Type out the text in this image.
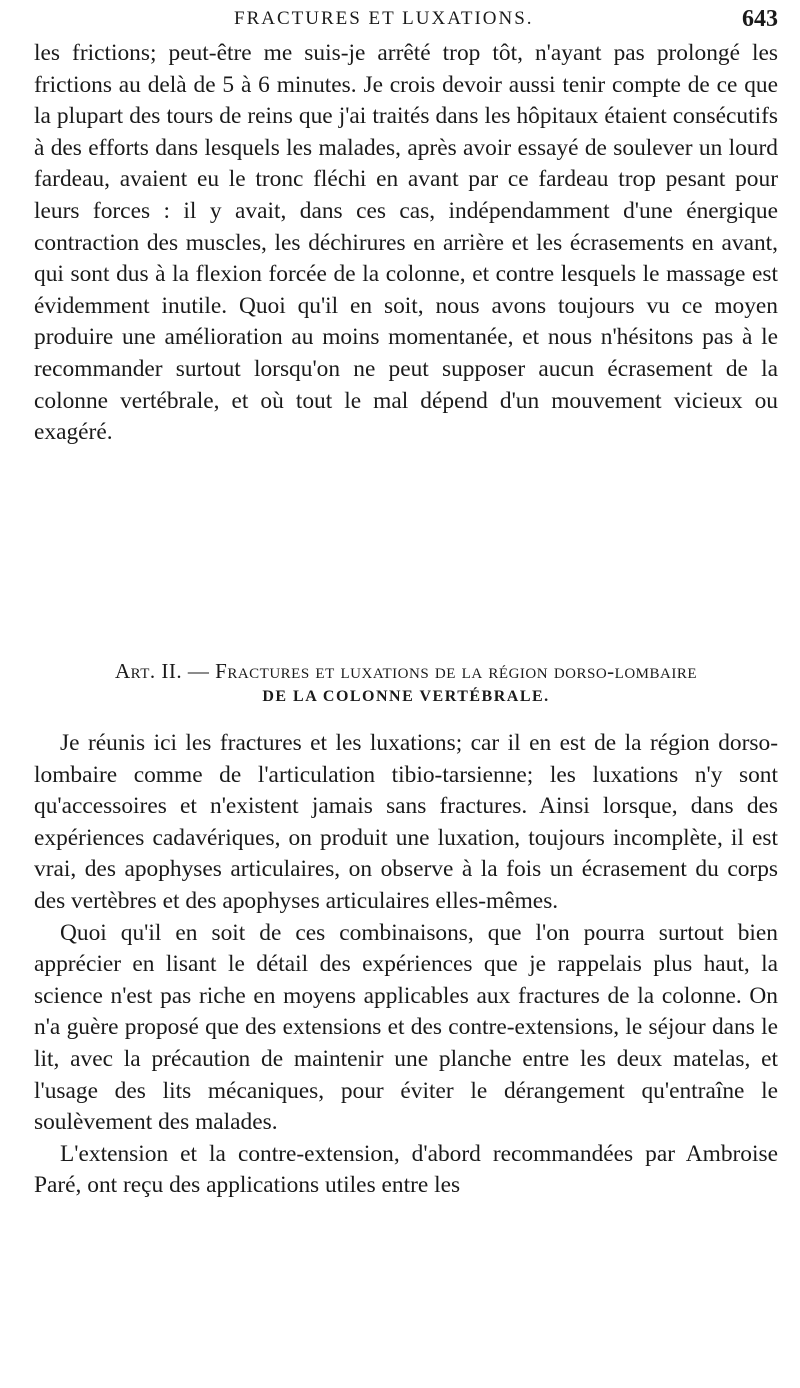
FRACTURES ET LUXATIONS.	643

les frictions; peut-être me suis-je arrêté trop tôt, n'ayant pas prolongé les frictions au delà de 5 à 6 minutes. Je crois devoir aussi tenir compte de ce que la plupart des tours de reins que j'ai traités dans les hôpitaux étaient consécutifs à des efforts dans lesquels les malades, après avoir essayé de soulever un lourd fardeau, avaient eu le tronc fléchi en avant par ce fardeau trop pesant pour leurs forces : il y avait, dans ces cas, indépendamment d'une énergique contraction des muscles, les déchirures en arrière et les écrasements en avant, qui sont dus à la flexion forcée de la colonne, et contre lesquels le massage est évidemment inutile. Quoi qu'il en soit, nous avons toujours vu ce moyen produire une amélioration au moins momentanée, et nous n'hésitons pas à le recommander surtout lorsqu'on ne peut supposer aucun écrasement de la colonne vertébrale, et où tout le mal dépend d'un mouvement vicieux ou exagéré.

Art. II. — Fractures et luxations de la région dorso-lombaire
DE LA COLONNE VERTÉBRALE.

Je réunis ici les fractures et les luxations; car il en est de la région dorso-lombaire comme de l'articulation tibio-tarsienne; les luxations n'y sont qu'accessoires et n'existent jamais sans fractures. Ainsi lorsque, dans des expériences cadavériques, on produit une luxation, toujours incomplète, il est vrai, des apophyses articulaires, on observe à la fois un écrasement du corps des vertèbres et des apophyses articulaires elles-mêmes.

Quoi qu'il en soit de ces combinaisons, que l'on pourra surtout bien apprécier en lisant le détail des expériences que je rappelais plus haut, la science n'est pas riche en moyens applicables aux fractures de la colonne. On n'a guère proposé que des extensions et des contre-extensions, le séjour dans le lit, avec la précaution de maintenir une planche entre les deux matelas, et l'usage des lits mécaniques, pour éviter le dérangement qu'entraîne le soulèvement des malades.

L'extension et la contre-extension, d'abord recommandées par Ambroise Paré, ont reçu des applications utiles entre les
